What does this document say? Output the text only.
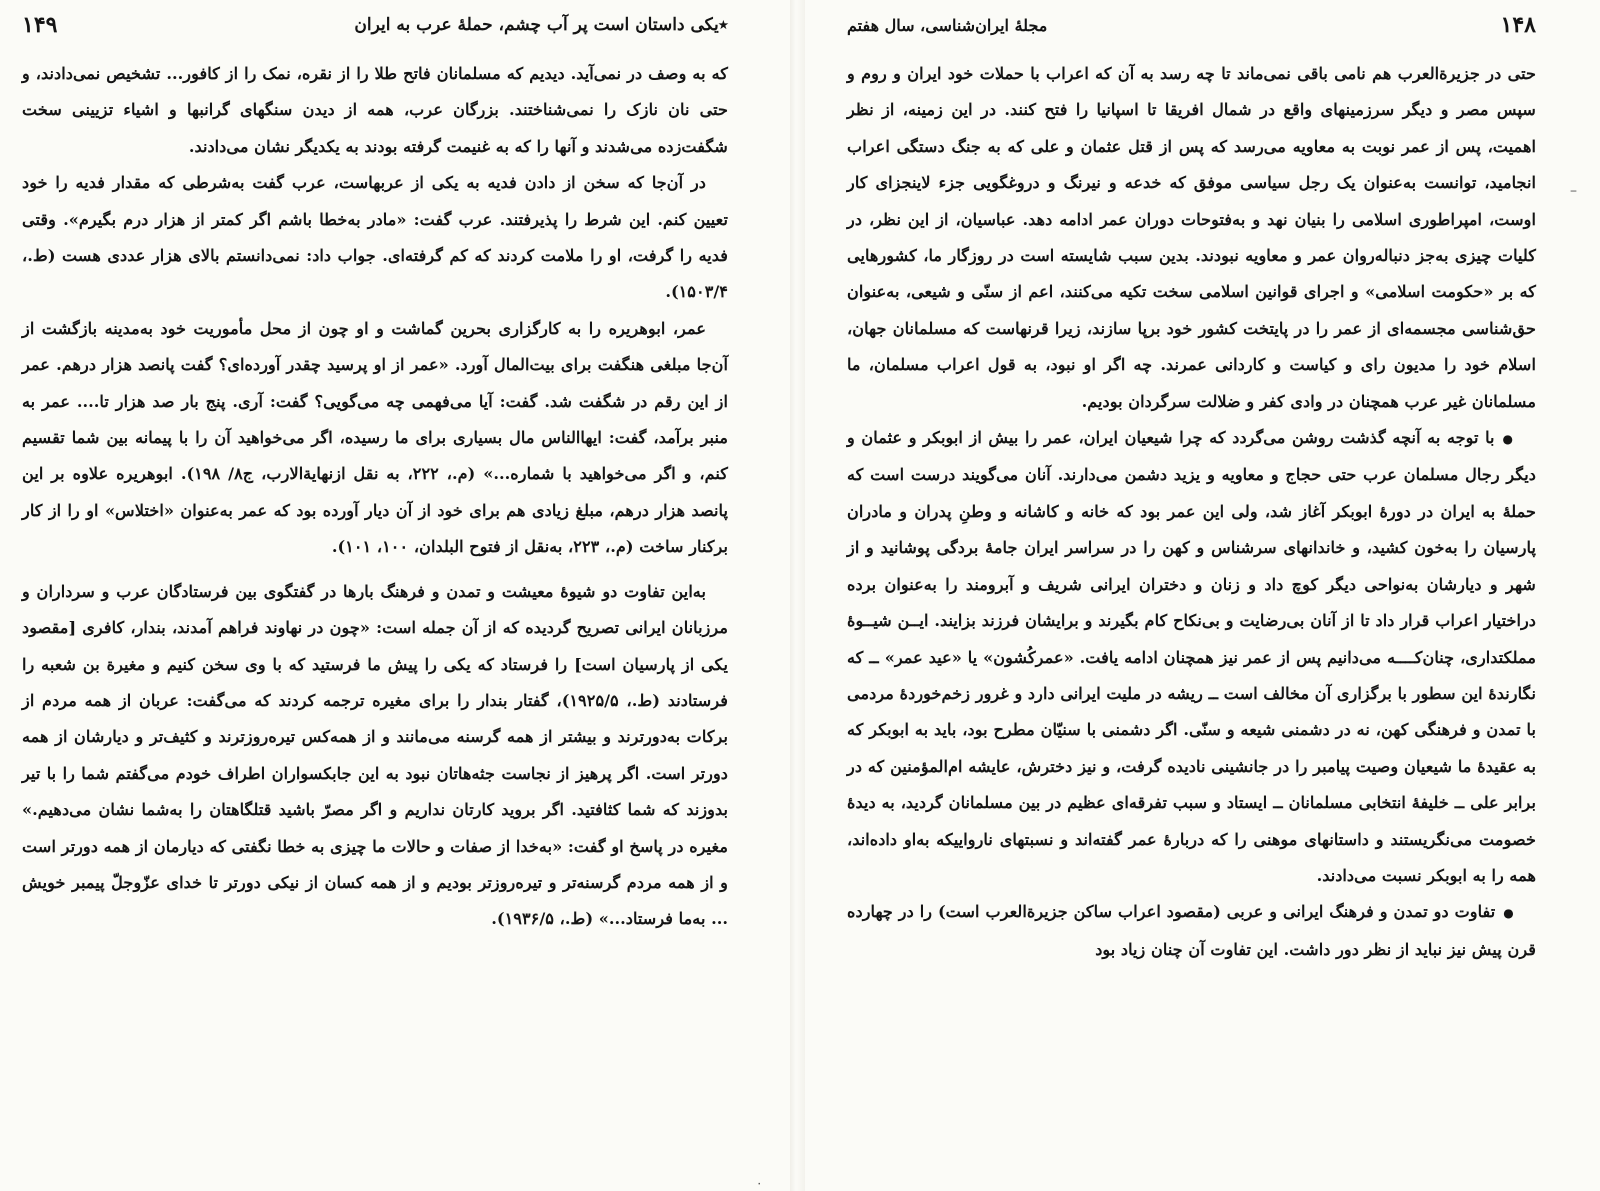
٭یکی داستان است پر آب چشم، حملهٔ عرب به ایران
۱۴۹

که به وصف در نمی‌آید. دیدیم که مسلمانان فاتح طلا را از نقره، نمک را از کافور... تشخیص نمی‌دادند، و حتی نان نازک را نمی‌شناختند. بزرگان عرب، همه از دیدن سنگهای گرانبها و اشیاء تزیینی سخت شگفت‌زده می‌شدند و آنها را که به غنیمت گرفته بودند به یکدیگر نشان می‌دادند.

در آن‌جا که سخن از دادن فدیه به یکی از عربهاست، عرب گفت به‌شرطی که مقدار فدیه را خود تعیین کنم. این شرط را پذیرفتند. عرب گفت: «مادر به‌خطا باشم اگر کمتر از هزار درم بگیرم». وقتی فدیه را گرفت، او را ملامت کردند که کم گرفته‌ای. جواب داد: نمی‌دانستم بالای هزار عددی هست (ط.، ۱۵۰۳/۴).

عمر، ابوهریره را به کارگزاری بحرین گماشت و او چون از محل مأموریت خود به‌مدینه بازگشت از آن‌جا مبلغی هنگفت برای بیت‌المال آورد. «عمر از او پرسید چقدر آورده‌ای؟ گفت پانصد هزار درهم. عمر از این رقم در شگفت شد. گفت: آیا می‌فهمی چه می‌گویی؟ گفت: آری. پنج بار صد هزار تا.... عمر به منبر برآمد، گفت: ایهاالناس مال بسیاری برای ما رسیده، اگر می‌خواهید آن را با پیمانه بین شما تقسیم کنم، و اگر می‌خواهید با شماره...» (م.، ۲۲۲، به نقل ازنهایة‌الارب، ج۸/ ۱۹۸). ابوهریره علاوه بر این پانصد هزار درهم، مبلغ زیادی هم برای خود از آن دیار آورده بود که عمر به‌عنوان «اختلاس» او را از کار برکنار ساخت (م.، ۲۲۳، به‌نقل از فتوح البلدان، ۱۰۰، ۱۰۱).

به‌این تفاوت دو شیوهٔ معیشت و تمدن و فرهنگ بارها در گفتگوی بین فرستادگان عرب و سرداران و مرزبانان ایرانی تصریح گردیده که از آن جمله است: «چون در نهاوند فراهم آمدند، بندار، کافری [مقصود یکی از پارسیان است] را فرستاد که یکی را پیش ما فرستید که با وی سخن کنیم و مغیرة بن شعبه را فرستادند (ط.، ۱۹۲۵/۵)، گفتار بندار را برای مغیره ترجمه کردند که می‌گفت: عربان از همه مردم از برکات به‌دورترند و بیشتر از همه گرسنه می‌مانند و از همه‌کس تیره‌روزترند و کثیف‌تر و دیارشان از همه دورتر است. اگر پرهیز از نجاست جثه‌هاتان نبود به این جابکسواران اطراف خودم می‌گفتم شما را با تیر بدوزند که شما کثافتید. اگر بروید کارتان نداریم و اگر مصرّ باشید قتلگاهتان را به‌شما نشان می‌دهیم.» مغیره در پاسخ او گفت: «به‌خدا از صفات و حالات ما چیزی به خطا نگفتی که دیارمان از همه دورتر است و از همه مردم گرسنه‌تر و تیره‌روزتر بودیم و از همه کسان از نیکی دورتر تا خدای عزّوجلّ پیمبر خویش ... به‌ما فرستاد...» (ط.، ۱۹۳۶/۵).

۱۴۸
مجلهٔ ایران‌شناسی، سال هفتم

حتی در جزیرة‌العرب هم نامی باقی نمی‌ماند تا چه رسد به آن که اعراب با حملات خود ایران و روم و سپس مصر و دیگر سرزمینهای واقع در شمال افریقا تا اسپانیا را فتح کنند. در این زمینه، از نظر اهمیت، پس از عمر نوبت به معاویه می‌رسد که پس از قتل عثمان و علی که به جنگ دستگی اعراب انجامید، توانست به‌عنوان یک رجل سیاسی موفق که خدعه و نیرنگ و دروغگویی جزء لاینجزای کار اوست، امپراطوری اسلامی را بنیان نهد و به‌فتوحات دوران عمر ادامه دهد. عباسیان، از این نظر، در کلیات چیزی به‌جز دنباله‌روان عمر و معاویه نبودند. بدین سبب شایسته است در روزگار ما، کشورهایی که بر «حکومت اسلامی» و اجرای قوانین اسلامی سخت تکیه می‌کنند، اعم از سنّی و شیعی، به‌عنوان حق‌شناسی مجسمه‌ای از عمر را در پایتخت کشور خود برپا سازند، زیرا قرنهاست که مسلمانان جهان، اسلام خود را مدیون رای و کیاست و کاردانی عمرند. چه اگر او نبود، به قول اعراب مسلمان، ما مسلمانان غیر عرب همچنان در وادی کفر و ضلالت سرگردان بودیم.

● با توجه به آنچه گذشت روشن می‌گردد که چرا شیعیان ایران، عمر را بیش از ابوبکر و عثمان و دیگر رجال مسلمان عرب حتی حجاج و معاویه و یزید دشمن می‌دارند. آنان می‌گویند درست است که حملهٔ به ایران در دورهٔ ابوبکر آغاز شد، ولی این عمر بود که خانه و کاشانه و وطنِ پدران و مادران پارسیان را به‌خون کشید، و خاندانهای سرشناس و کهن را در سراسر ایران جامهٔ بردگی پوشانید و از شهر و دیارشان به‌نواحی دیگر کوچ داد و زنان و دختران ایرانی شریف و آبرومند را به‌عنوان برده دراختیار اعراب قرار داد تا از آنان بی‌رضایت و بی‌نکاح کام بگیرند و برایشان فرزند بزایند. ایــن شیــوهٔ مملکتداری، چنان‌کــــه می‌دانیم پس از عمر نیز همچنان ادامه یافت. «عمرکُشون» یا «عید عمر» ــ که نگارندهٔ این سطور با برگزاری آن مخالف است ــ ریشه در ملیت ایرانی دارد و غرور زخم‌خوردهٔ مردمی با تمدن و فرهنگی کهن، نه در دشمنی شیعه و سنّی. اگر دشمنی با سنیّان مطرح بود، باید به ابوبکر که به عقیدهٔ ما شیعیان وصیت پیامبر را در جانشینی نادیده گرفت، و نیز دخترش، عایشه ام‌المؤمنین که در برابر علی ــ خلیفهٔ انتخابی مسلمانان ــ ایستاد و سبب تفرقه‌ای عظیم در بین مسلمانان گردید، به دیدهٔ خصومت می‌نگریستند و داستانهای موهنی را که دربارهٔ عمر گفته‌اند و نسبتهای نارواییکه به‌او داده‌اند، همه را به ابوبکر نسبت می‌دادند.

● تفاوت دو تمدن و فرهنگ ایرانی و عربی (مقصود اعراب ساکن جزیرة‌العرب است) را در چهارده قرن پیش نیز نباید از نظر دور داشت. این تفاوت آن چنان زیاد بود

–
٠
